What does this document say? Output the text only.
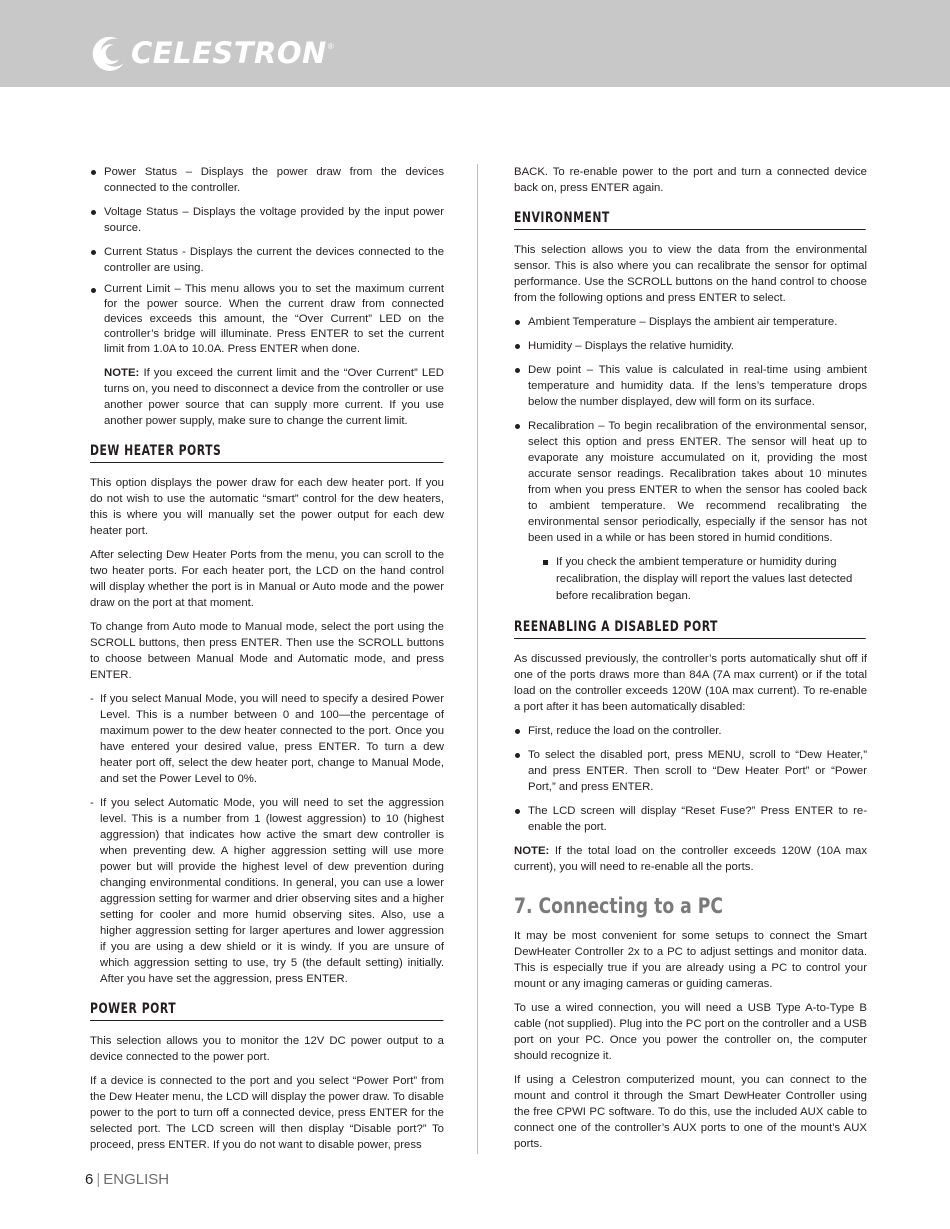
CELESTRON ®
Power Status – Displays the power draw from the devices connected to the controller.
Voltage Status – Displays the voltage provided by the input power source.
Current Status - Displays the current the devices connected to the controller are using.
Current Limit – This menu allows you to set the maximum current for the power source. When the current draw from connected devices exceeds this amount, the “Over Current” LED on the controller’s bridge will illuminate. Press ENTER to set the current limit from 1.0A to 10.0A. Press ENTER when done.
NOTE: If you exceed the current limit and the “Over Current” LED turns on, you need to disconnect a device from the controller or use another power source that can supply more current. If you use another power supply, make sure to change the current limit.
DEW HEATER PORTS

This option displays the power draw for each dew heater port. If you do not wish to use the automatic “smart” control for the dew heaters, this is where you will manually set the power output for each dew heater port.

After selecting Dew Heater Ports from the menu, you can scroll to the two heater ports. For each heater port, the LCD on the hand control will display whether the port is in Manual or Auto mode and the power draw on the port at that moment.

To change from Auto mode to Manual mode, select the port using the SCROLL buttons, then press ENTER. Then use the SCROLL buttons to choose between Manual Mode and Automatic mode, and press ENTER.

- If you select Manual Mode, you will need to specify a desired Power Level. This is a number between 0 and 100—the percentage of maximum power to the dew heater connected to the port. Once you have entered your desired value, press ENTER. To turn a dew heater port off, select the dew heater port, change to Manual Mode, and set the Power Level to 0%.
- If you select Automatic Mode, you will need to set the aggression level. This is a number from 1 (lowest aggression) to 10 (highest aggression) that indicates how active the smart dew controller is when preventing dew. A higher aggression setting will use more power but will provide the highest level of dew prevention during changing environmental conditions. In general, you can use a lower aggression setting for warmer and drier observing sites and a higher setting for cooler and more humid observing sites. Also, use a higher aggression setting for larger apertures and lower aggression if you are using a dew shield or it is windy. If you are unsure of which aggression setting to use, try 5 (the default setting) initially. After you have set the aggression, press ENTER.
POWER PORT

This selection allows you to monitor the 12V DC power output to a device connected to the power port.

If a device is connected to the port and you select “Power Port” from the Dew Heater menu, the LCD will display the power draw. To disable power to the port to turn off a connected device, press ENTER for the selected port. The LCD screen will then display “Disable port?” To proceed, press ENTER. If you do not want to disable power, press

BACK. To re-enable power to the port and turn a connected device back on, press ENTER again.

ENVIRONMENT

This selection allows you to view the data from the environmental sensor. This is also where you can recalibrate the sensor for optimal performance. Use the SCROLL buttons on the hand control to choose from the following options and press ENTER to select.

Ambient Temperature – Displays the ambient air temperature.
Humidity – Displays the relative humidity.
Dew point – This value is calculated in real-time using ambient temperature and humidity data. If the lens’s temperature drops below the number displayed, dew will form on its surface.
Recalibration – To begin recalibration of the environmental sensor, select this option and press ENTER. The sensor will heat up to evaporate any moisture accumulated on it, providing the most accurate sensor readings. Recalibration takes about 10 minutes from when you press ENTER to when the sensor has cooled back to ambient temperature. We recommend recalibrating the environmental sensor periodically, especially if the sensor has not been used in a while or has been stored in humid conditions.
If you check the ambient temperature or humidity during recalibration, the display will report the values last detected before recalibration began.
REENABLING A DISABLED PORT

As discussed previously, the controller’s ports automatically shut off if one of the ports draws more than 84A (7A max current) or if the total load on the controller exceeds 120W (10A max current). To re-enable a port after it has been automatically disabled:

First, reduce the load on the controller.
To select the disabled port, press MENU, scroll to “Dew Heater,” and press ENTER. Then scroll to “Dew Heater Port” or “Power Port,” and press ENTER.
The LCD screen will display “Reset Fuse?” Press ENTER to re-enable the port.

NOTE: If the total load on the controller exceeds 120W (10A max current), you will need to re-enable all the ports.

7. Connecting to a PC

It may be most convenient for some setups to connect the Smart DewHeater Controller 2x to a PC to adjust settings and monitor data. This is especially true if you are already using a PC to control your mount or any imaging cameras or guiding cameras.

To use a wired connection, you will need a USB Type A-to-Type B cable (not supplied). Plug into the PC port on the controller and a USB port on your PC. Once you power the controller on, the computer should recognize it.

If using a Celestron computerized mount, you can connect to the mount and control it through the Smart DewHeater Controller using the free CPWI PC software. To do this, use the included AUX cable to connect one of the controller’s AUX ports to one of the mount’s AUX ports.

6 | ENGLISH
